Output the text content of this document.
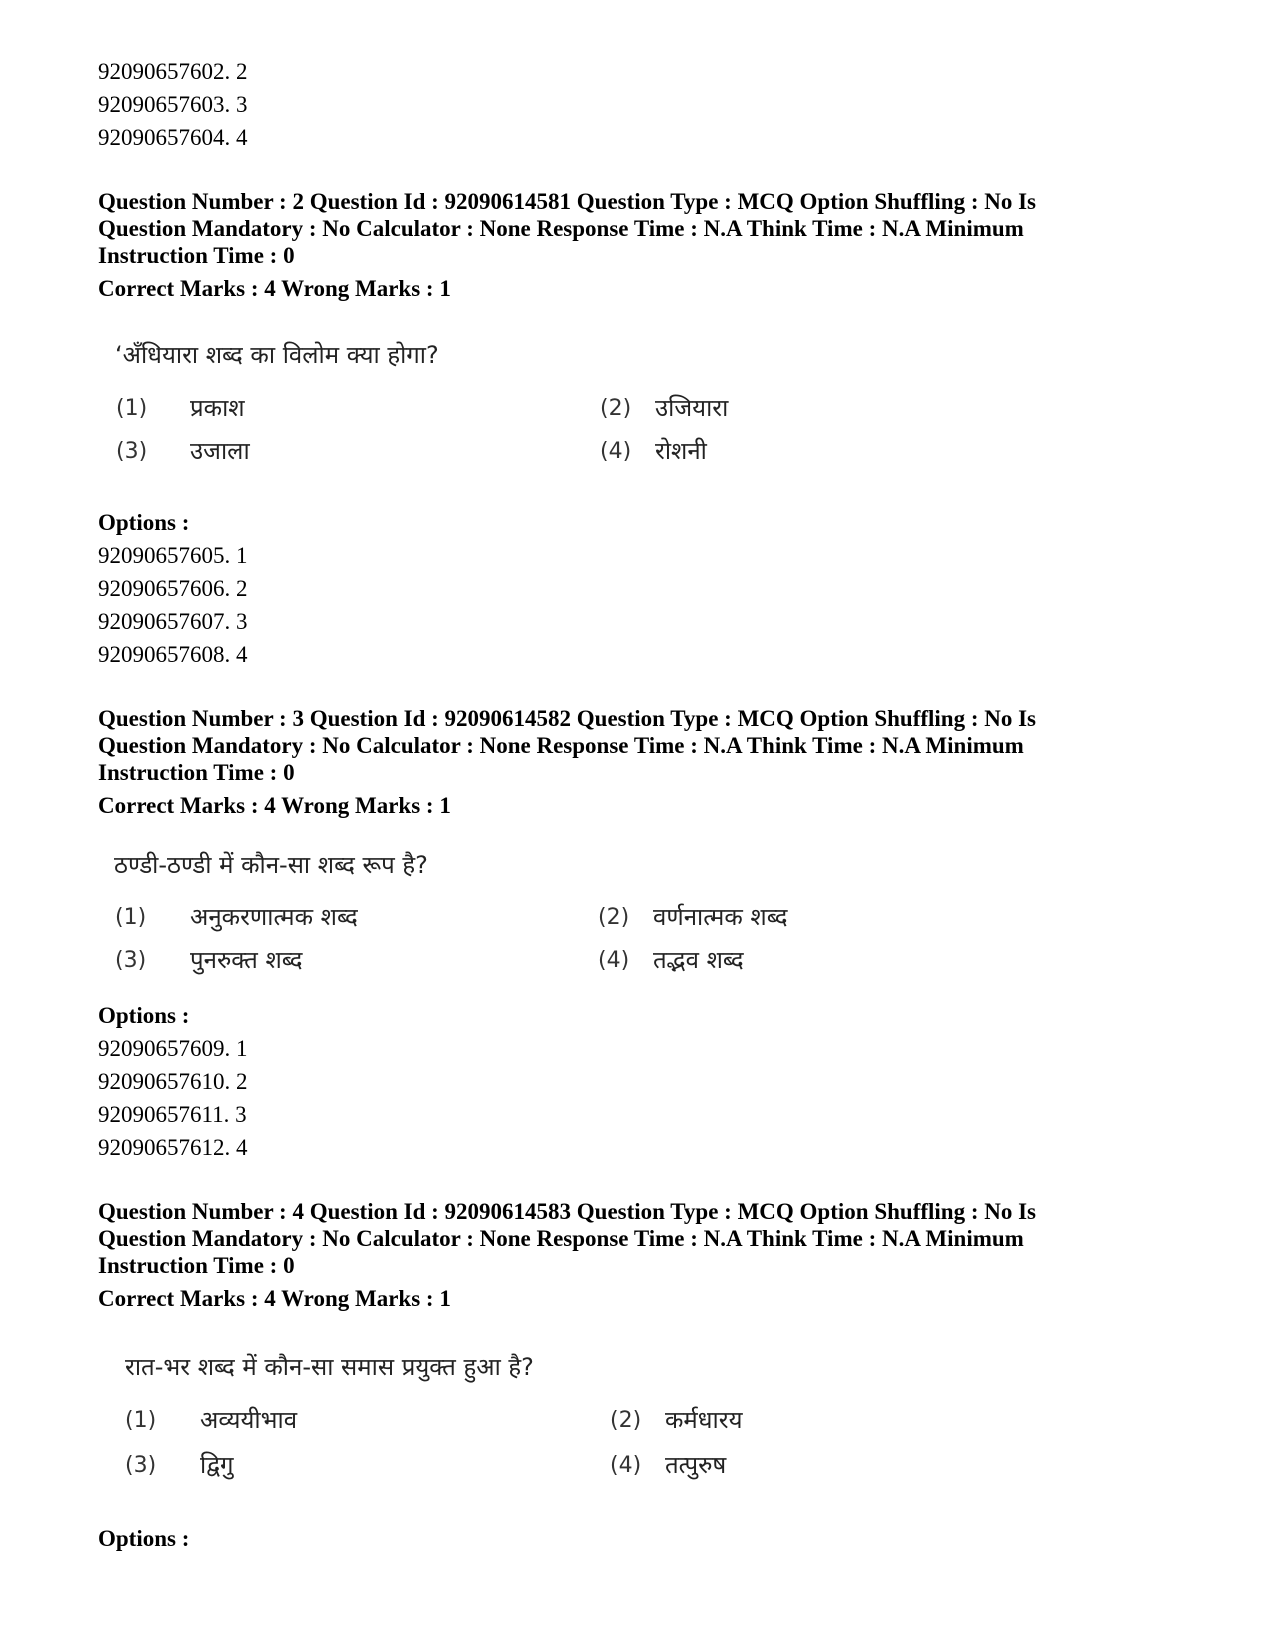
92090657602. 2
92090657603. 3
92090657604. 4
Question Number : 2 Question Id : 92090614581 Question Type : MCQ Option Shuffling : No Is
Question Mandatory : No Calculator : None Response Time : N.A Think Time : N.A Minimum
Instruction Time : 0
Correct Marks : 4 Wrong Marks : 1
‘अँधियारा शब्द का विलोम क्या होगा?
(1) प्रकाश	(2) उजियारा
(3) उजाला	(4) रोशनी
Options :
92090657605. 1
92090657606. 2
92090657607. 3
92090657608. 4
Question Number : 3 Question Id : 92090614582 Question Type : MCQ Option Shuffling : No Is
Question Mandatory : No Calculator : None Response Time : N.A Think Time : N.A Minimum
Instruction Time : 0
Correct Marks : 4 Wrong Marks : 1
ठण्डी-ठण्डी में कौन-सा शब्द रूप है?
(1) अनुकरणात्मक शब्द	(2) वर्णनात्मक शब्द
(3) पुनरुक्त शब्द	(4) तद्भव शब्द
Options :
92090657609. 1
92090657610. 2
92090657611. 3
92090657612. 4
Question Number : 4 Question Id : 92090614583 Question Type : MCQ Option Shuffling : No Is
Question Mandatory : No Calculator : None Response Time : N.A Think Time : N.A Minimum
Instruction Time : 0
Correct Marks : 4 Wrong Marks : 1
रात-भर शब्द में कौन-सा समास प्रयुक्त हुआ है?
(1) अव्ययीभाव	(2) कर्मधारय
(3) द्विगु	(4) तत्पुरुष
Options :
